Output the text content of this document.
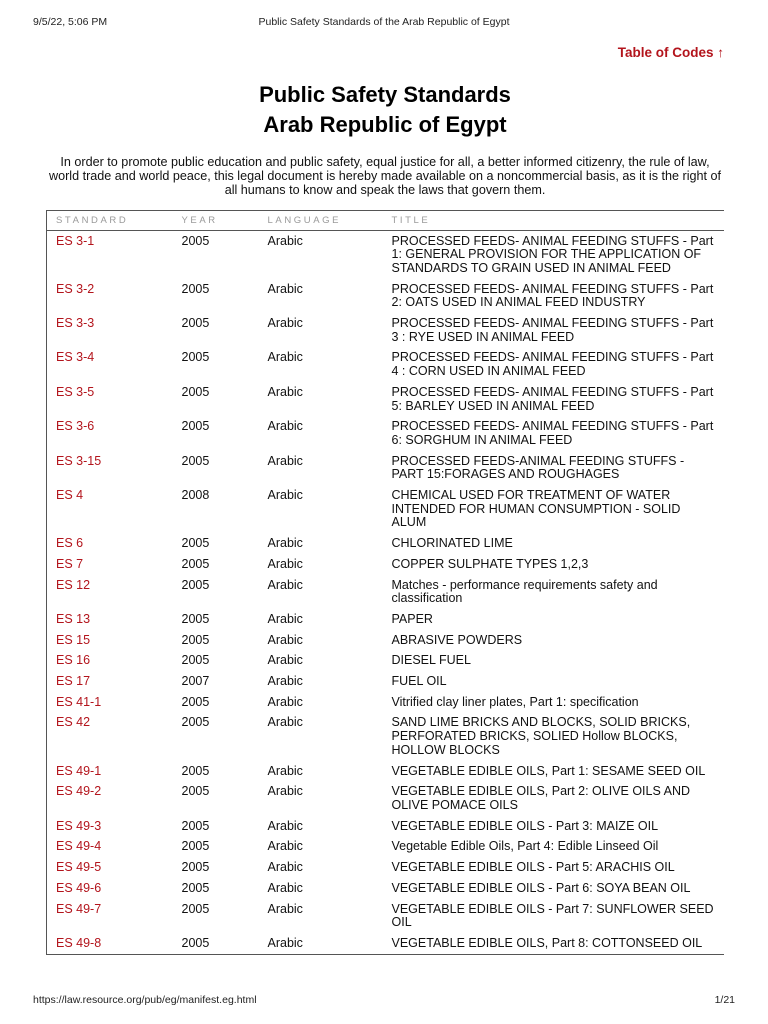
9/5/22, 5:06 PM	Public Safety Standards of the Arab Republic of Egypt
Table of Codes ↑
Public Safety Standards
Arab Republic of Egypt

In order to promote public education and public safety, equal justice for all, a better informed citizenry, the rule of law, world trade and world peace, this legal document is hereby made available on a noncommercial basis, as it is the right of all humans to know and speak the laws that govern them.

STANDARD	YEAR	LANGUAGE	TITLE
ES 3-1	2005	Arabic	PROCESSED FEEDS- ANIMAL FEEDING STUFFS - Part 1: GENERAL PROVISION FOR THE APPLICATION OF STANDARDS TO GRAIN USED IN ANIMAL FEED
ES 3-2	2005	Arabic	PROCESSED FEEDS- ANIMAL FEEDING STUFFS - Part 2: OATS USED IN ANIMAL FEED INDUSTRY
ES 3-3	2005	Arabic	PROCESSED FEEDS- ANIMAL FEEDING STUFFS - Part 3 : RYE USED IN ANIMAL FEED
ES 3-4	2005	Arabic	PROCESSED FEEDS- ANIMAL FEEDING STUFFS - Part 4 : CORN USED IN ANIMAL FEED
ES 3-5	2005	Arabic	PROCESSED FEEDS- ANIMAL FEEDING STUFFS - Part 5: BARLEY USED IN ANIMAL FEED
ES 3-6	2005	Arabic	PROCESSED FEEDS- ANIMAL FEEDING STUFFS - Part 6: SORGHUM IN ANIMAL FEED
ES 3-15	2005	Arabic	PROCESSED FEEDS-ANIMAL FEEDING STUFFS - PART 15:FORAGES AND ROUGHAGES
ES 4	2008	Arabic	CHEMICAL USED FOR TREATMENT OF WATER INTENDED FOR HUMAN CONSUMPTION - SOLID ALUM
ES 6	2005	Arabic	CHLORINATED LIME
ES 7	2005	Arabic	COPPER SULPHATE TYPES 1,2,3
ES 12	2005	Arabic	Matches - performance requirements safety and classification
ES 13	2005	Arabic	PAPER
ES 15	2005	Arabic	ABRASIVE POWDERS
ES 16	2005	Arabic	DIESEL FUEL
ES 17	2007	Arabic	FUEL OIL
ES 41-1	2005	Arabic	Vitrified clay liner plates, Part 1: specification
ES 42	2005	Arabic	SAND LIME BRICKS AND BLOCKS, SOLID BRICKS, PERFORATED BRICKS, SOLIED Hollow BLOCKS, HOLLOW BLOCKS
ES 49-1	2005	Arabic	VEGETABLE EDIBLE OILS, Part 1: SESAME SEED OIL
ES 49-2	2005	Arabic	VEGETABLE EDIBLE OILS, Part 2: OLIVE OILS AND OLIVE POMACE OILS
ES 49-3	2005	Arabic	VEGETABLE EDIBLE OILS - Part 3: MAIZE OIL
ES 49-4	2005	Arabic	Vegetable Edible Oils, Part 4: Edible Linseed Oil
ES 49-5	2005	Arabic	VEGETABLE EDIBLE OILS - Part 5: ARACHIS OIL
ES 49-6	2005	Arabic	VEGETABLE EDIBLE OILS - Part 6: SOYA BEAN OIL
ES 49-7	2005	Arabic	VEGETABLE EDIBLE OILS - Part 7: SUNFLOWER SEED OIL
ES 49-8	2005	Arabic	VEGETABLE EDIBLE OILS, Part 8: COTTONSEED OIL
https://law.resource.org/pub/eg/manifest.eg.html	1/21
